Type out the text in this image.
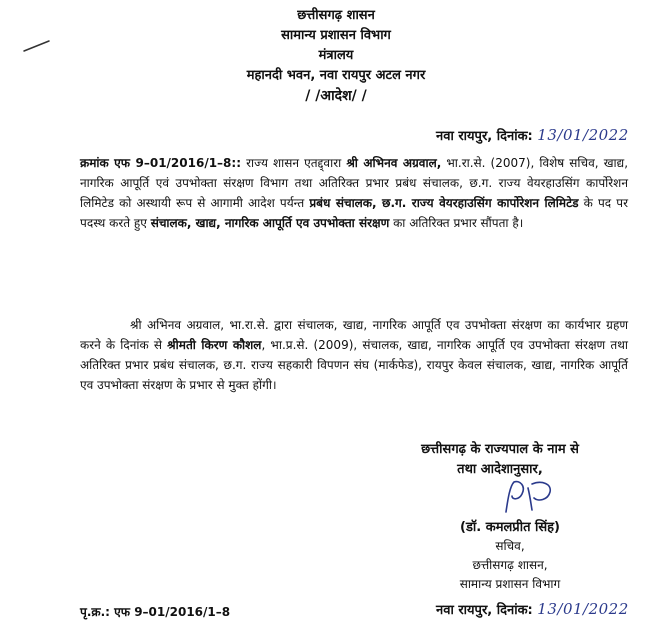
छत्तीसगढ़ शासन
सामान्य प्रशासन विभाग
मंत्रालय
महानदी भवन, नवा रायपुर अटल नगर
/ /आदेश/ /
नवा रायपुर, दिनांक: 13/01/2022
क्रमांक एफ 9–01/2016/1–8:: राज्य शासन एतद्द्वारा श्री अभिनव अग्रवाल, भा.रा.से. (2007), विशेष सचिव, खाद्य, नागरिक आपूर्ति एवं उपभोक्ता संरक्षण विभाग तथा अतिरिक्त प्रभार प्रबंध संचालक, छ.ग. राज्य वेयरहाउसिंग कार्पोरेशन लिमिटेड को अस्थायी रूप से आगामी आदेश पर्यन्त प्रबंध संचालक, छ.ग. राज्य वेयरहाउसिंग कार्पोरेशन लिमिटेड के पद पर पदस्थ करते हुए संचालक, खाद्य, नागरिक आपूर्ति एव उपभोक्ता संरक्षण का अतिरिक्त प्रभार सौंपता है।
श्री अभिनव अग्रवाल, भा.रा.से. द्वारा संचालक, खाद्य, नागरिक आपूर्ति एव उपभोक्ता संरक्षण का कार्यभार ग्रहण करने के दिनांक से श्रीमती किरण कौशल, भा.प्र.से. (2009), संचालक, खाद्य, नागरिक आपूर्ति एव उपभोक्ता संरक्षण तथा अतिरिक्त प्रभार प्रबंध संचालक, छ.ग. राज्य सहकारी विपणन संघ (मार्कफेड), रायपुर केवल संचालक, खाद्य, नागरिक आपूर्ति एव उपभोक्ता संरक्षण के प्रभार से मुक्त होंगी।
छत्तीसगढ़ के राज्यपाल के नाम से
तथा आदेशानुसार,
(डॉ. कमलप्रीत सिंह)
सचिव,
छत्तीसगढ़ शासन,
सामान्य प्रशासन विभाग
पृ.क्र.: एफ 9–01/2016/1–8	नवा रायपुर, दिनांक: 13/01/2022
